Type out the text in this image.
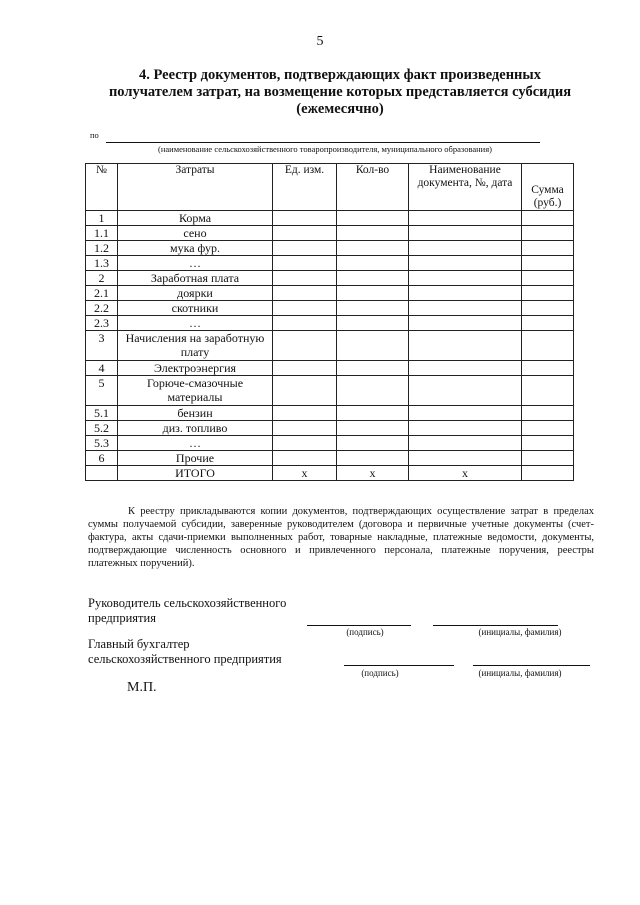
5
4. Реестр документов, подтверждающих факт произведенных
получателем затрат, на возмещение которых представляется субсидия
(ежемесячно)
по
(наименование сельскохозяйственного товаропроизводителя, муниципального образования)
№	Затраты	Ед. изм.	Кол-во	Наименование документа, №, дата	Сумма (руб.)
1	Корма				
1.1	сено				
1.2	мука фур.				
1.3	…				
2	Заработная плата				
2.1	доярки				
2.2	скотники				
2.3	…				
3	Начисления на заработную плату				
4	Электроэнергия				
5	Горюче-смазочные материалы				
5.1	бензин				
5.2	диз. топливо				
5.3	…				
6	Прочие				
	ИТОГО	x	x	x	
К реестру прикладываются копии документов, подтверждающих осуществление затрат в пределах суммы получаемой субсидии, заверенные руководителем (договора и первичные учетные документы (счет-фактура, акты сдачи-приемки выполненных работ, товарные накладные, платежные ведомости, документы, подтверждающие численность основного и привлеченного персонала, платежные поручения, реестры платежных поручений).
Руководитель сельскохозяйственного
предприятия
(подпись)	(инициалы, фамилия)
Главный бухгалтер
сельскохозяйственного предприятия
(подпись)	(инициалы, фамилия)
М.П.
